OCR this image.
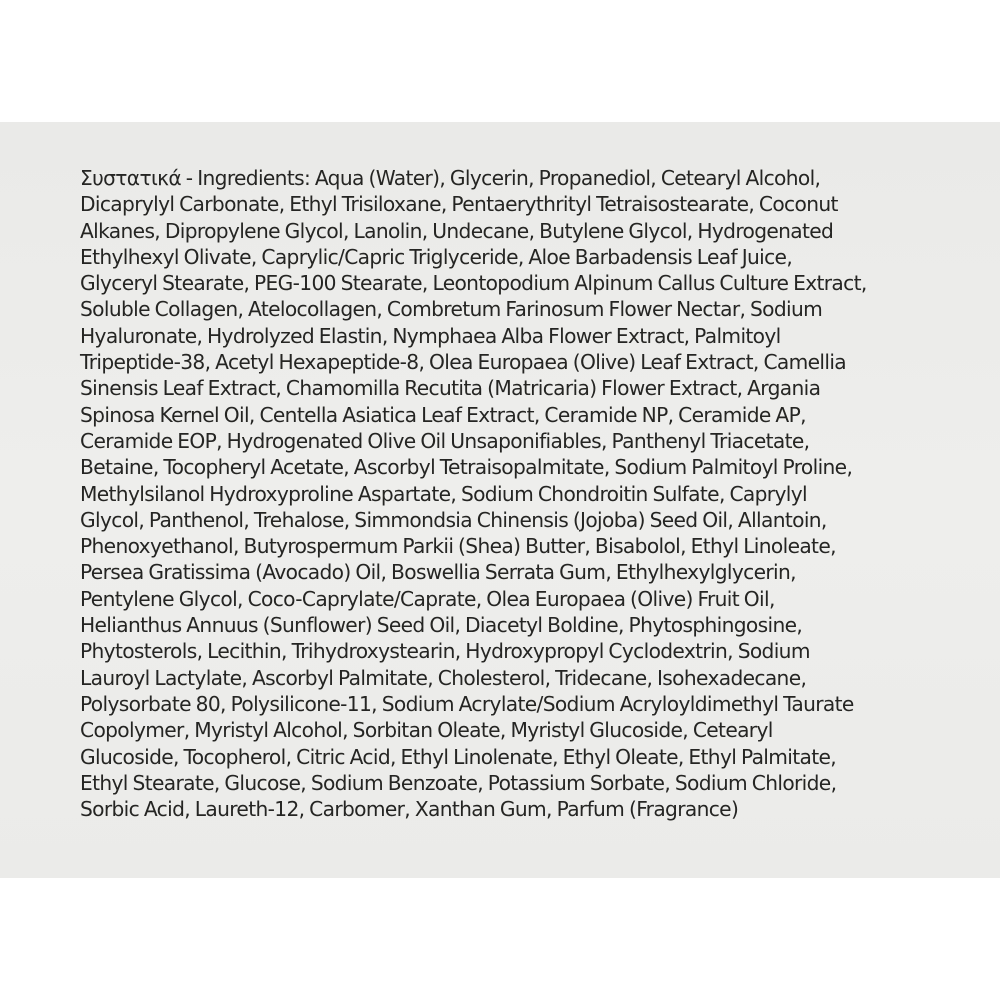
Συστατικά - Ingredients: Aqua (Water), Glycerin, Propanediol, Cetearyl Alcohol,
Dicaprylyl Carbonate, Ethyl Trisiloxane, Pentaerythrityl Tetraisostearate, Coconut
Alkanes, Dipropylene Glycol, Lanolin, Undecane, Butylene Glycol, Hydrogenated
Ethylhexyl Olivate, Caprylic/Capric Triglyceride, Aloe Barbadensis Leaf Juice,
Glyceryl Stearate, PEG-100 Stearate, Leontopodium Alpinum Callus Culture Extract,
Soluble Collagen, Atelocollagen, Combretum Farinosum Flower Nectar, Sodium
Hyaluronate, Hydrolyzed Elastin, Nymphaea Alba Flower Extract, Palmitoyl
Tripeptide-38, Acetyl Hexapeptide-8, Olea Europaea (Olive) Leaf Extract, Camellia
Sinensis Leaf Extract, Chamomilla Recutita (Matricaria) Flower Extract, Argania
Spinosa Kernel Oil, Centella Asiatica Leaf Extract, Ceramide NP, Ceramide AP,
Ceramide EOP, Hydrogenated Olive Oil Unsaponifiables, Panthenyl Triacetate,
Betaine, Tocopheryl Acetate, Ascorbyl Tetraisopalmitate, Sodium Palmitoyl Proline,
Methylsilanol Hydroxyproline Aspartate, Sodium Chondroitin Sulfate, Caprylyl
Glycol, Panthenol, Trehalose, Simmondsia Chinensis (Jojoba) Seed Oil, Allantoin,
Phenoxyethanol, Butyrospermum Parkii (Shea) Butter, Bisabolol, Ethyl Linoleate,
Persea Gratissima (Avocado) Oil, Boswellia Serrata Gum, Ethylhexylglycerin,
Pentylene Glycol, Coco-Caprylate/Caprate, Olea Europaea (Olive) Fruit Oil,
Helianthus Annuus (Sunflower) Seed Oil, Diacetyl Boldine, Phytosphingosine,
Phytosterols, Lecithin, Trihydroxystearin, Hydroxypropyl Cyclodextrin, Sodium
Lauroyl Lactylate, Ascorbyl Palmitate, Cholesterol, Tridecane, Isohexadecane,
Polysorbate 80, Polysilicone-11, Sodium Acrylate/Sodium Acryloyldimethyl Taurate
Copolymer, Myristyl Alcohol, Sorbitan Oleate, Myristyl Glucoside, Cetearyl
Glucoside, Tocopherol, Citric Acid, Ethyl Linolenate, Ethyl Oleate, Ethyl Palmitate,
Ethyl Stearate, Glucose, Sodium Benzoate, Potassium Sorbate, Sodium Chloride,
Sorbic Acid, Laureth-12, Carbomer, Xanthan Gum, Parfum (Fragrance)
